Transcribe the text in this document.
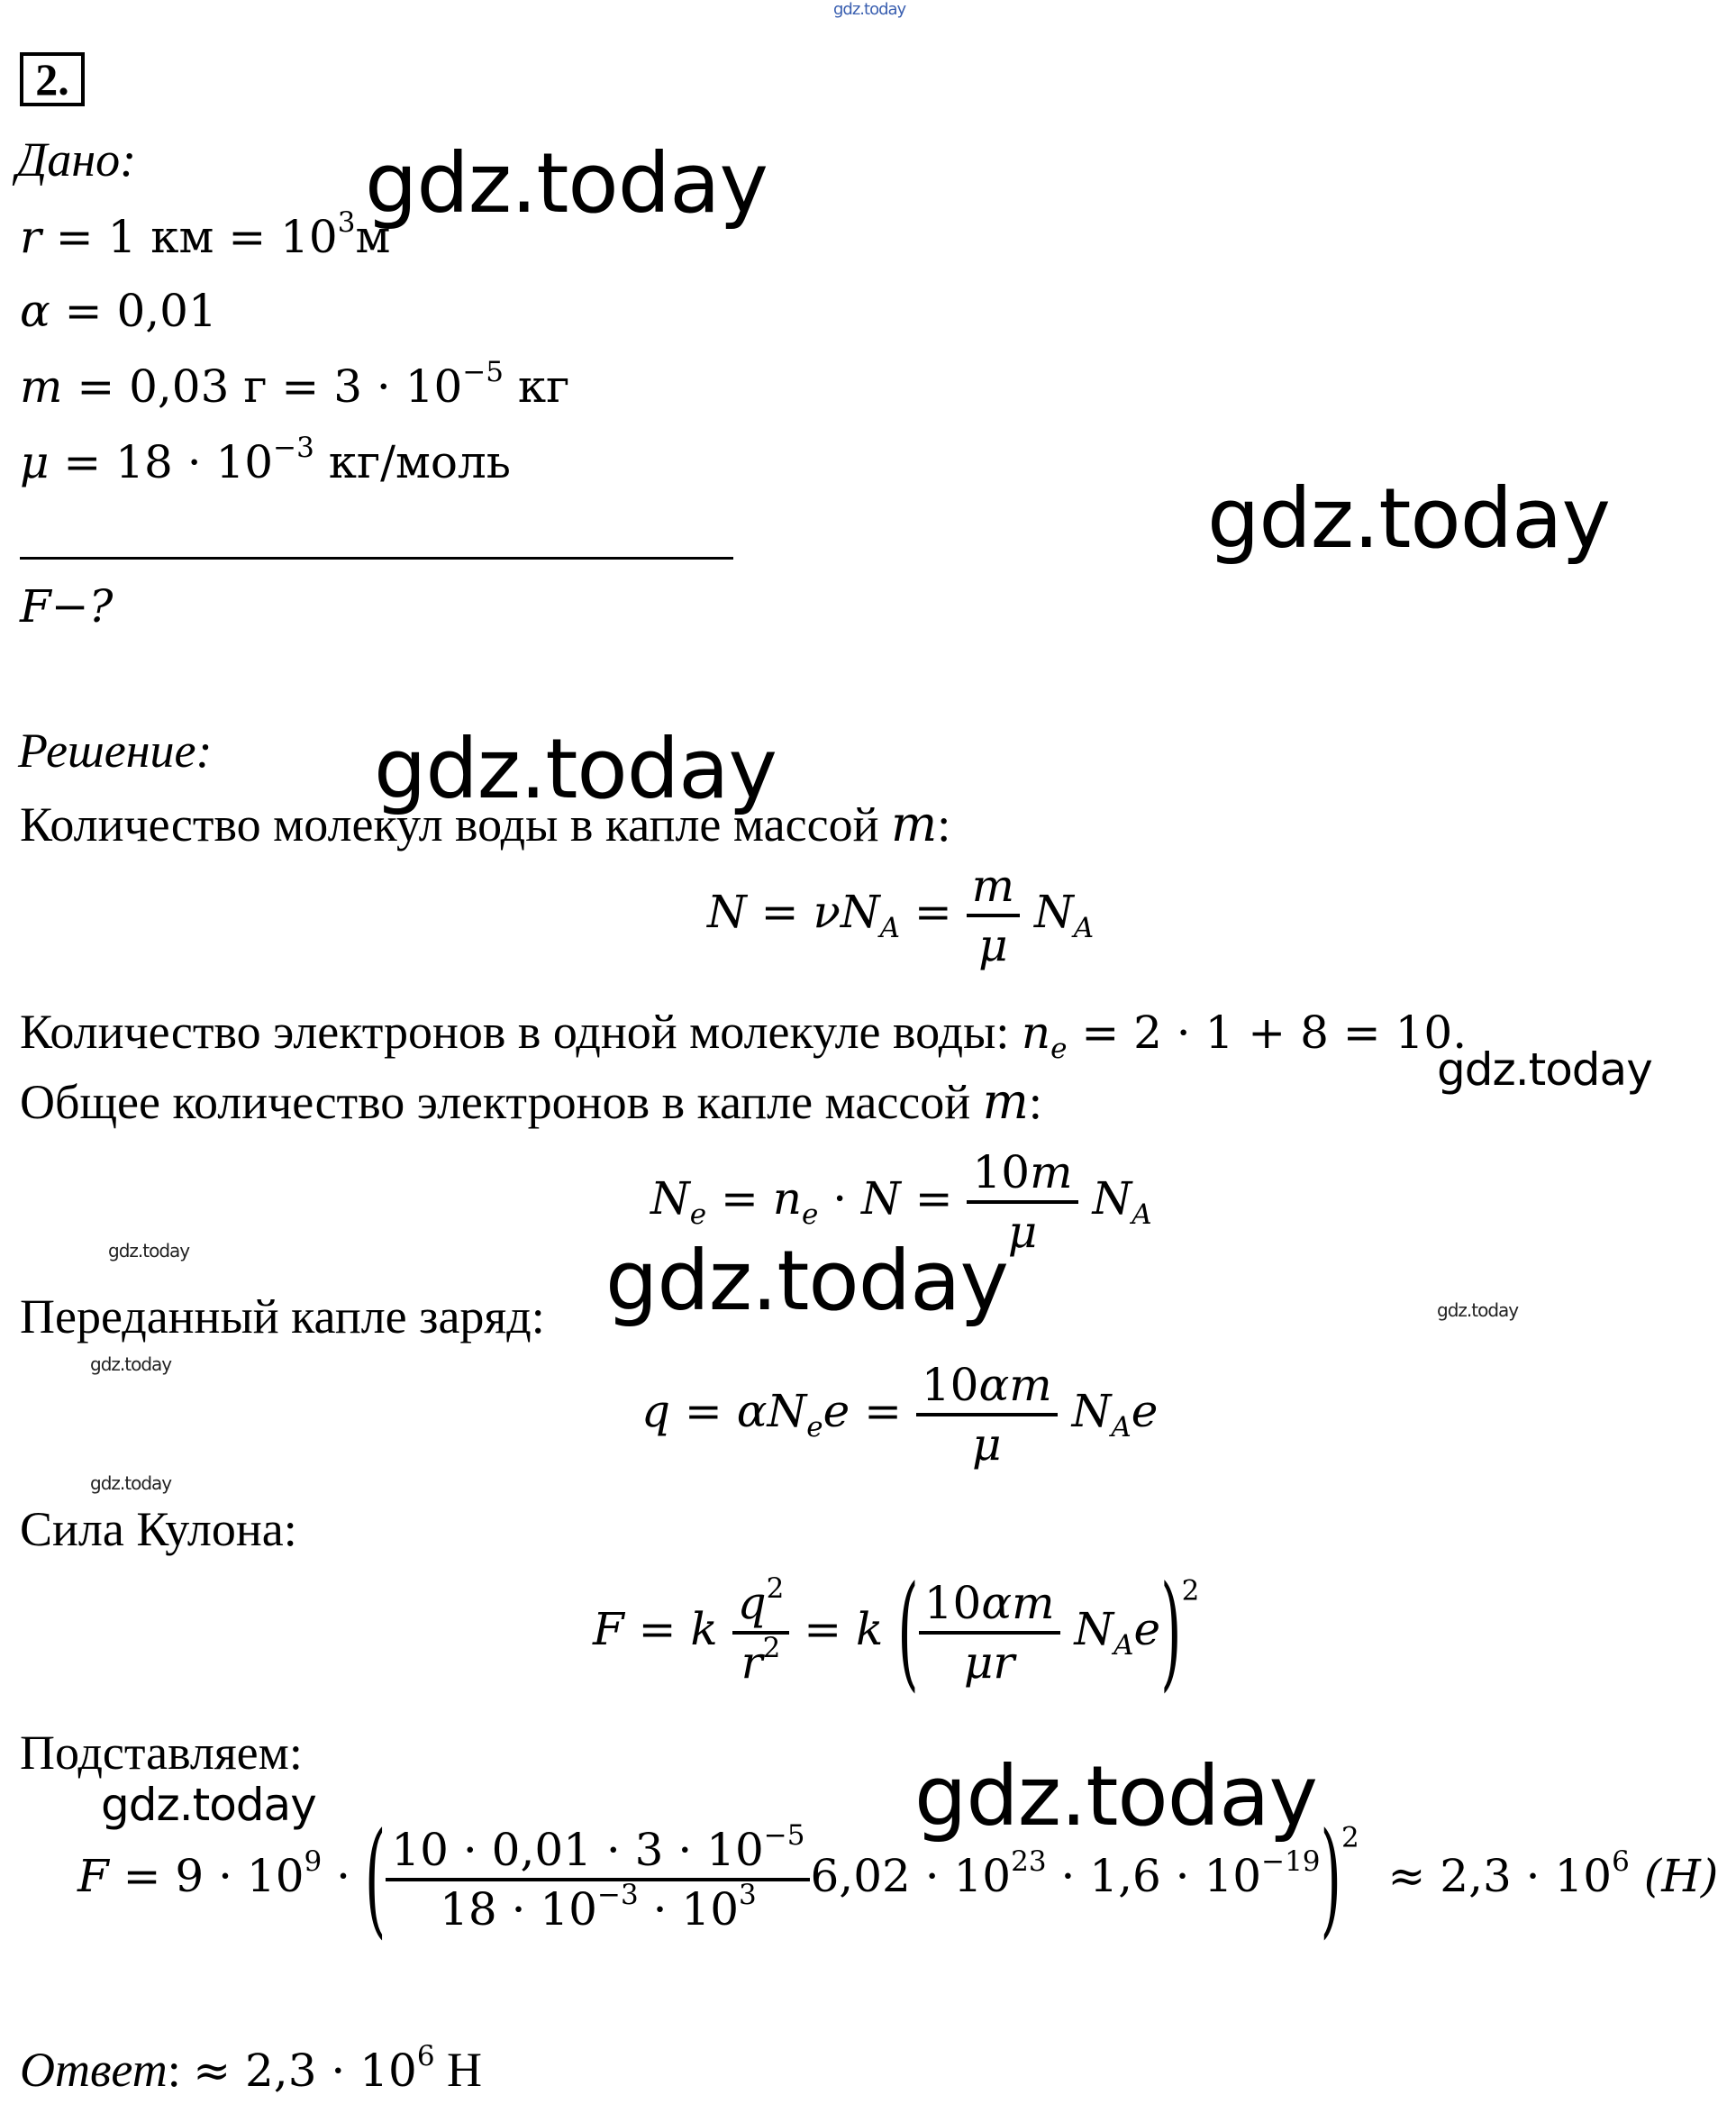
gdz.today
2.
Дано:	gdz.today
r = 1 км = $10^3м$
α = 0,01
m = 0,03 $г = 3 \cdot 10^{-5}$ кг
$\mu = 18 \cdot 10^{-3}$ кг/моль
gdz.today
F−?
Решение: gdz.today
Количество молекул воды в капле массой m:
$N = \nu N_A = \frac{m}{\mu} N_A$

Количество электронов в одной молекуле воды: $n_e = 2 \cdot 1 + 8 = 10$.
gdz.today
Общее количество электронов в капле массой m:
$N_e = n_e \cdot N = \frac{10m}{\mu} N_A$
gdz.today	gdz.today	gdz.today
Переданный капле заряд:
gdz.today
$q = \alpha N_ee = \frac{10\alpha m}{\mu} N_Ae$
gdz.today
Сила Кулона:
F = k $\frac{q^2}{r^2} = k$ ( $\frac{10\alpha m}{\mu r} N_Ae)^2$
Подставляем:
gdz.today	gdz.today
$F = 9 \cdot 10^9$ · ( $\frac{10 \cdot 0,01 \cdot 3 \cdot 10^{-5}}{18 \cdot 10^{-3} \cdot 10^3} 6,02 \cdot 10^{23} \cdot 1,6 \cdot 10^{-19})^2 \approx 2,3 \cdot 10^6$ (H)
Ответ: ≈ $2,3 \cdot 10^6$ Н
